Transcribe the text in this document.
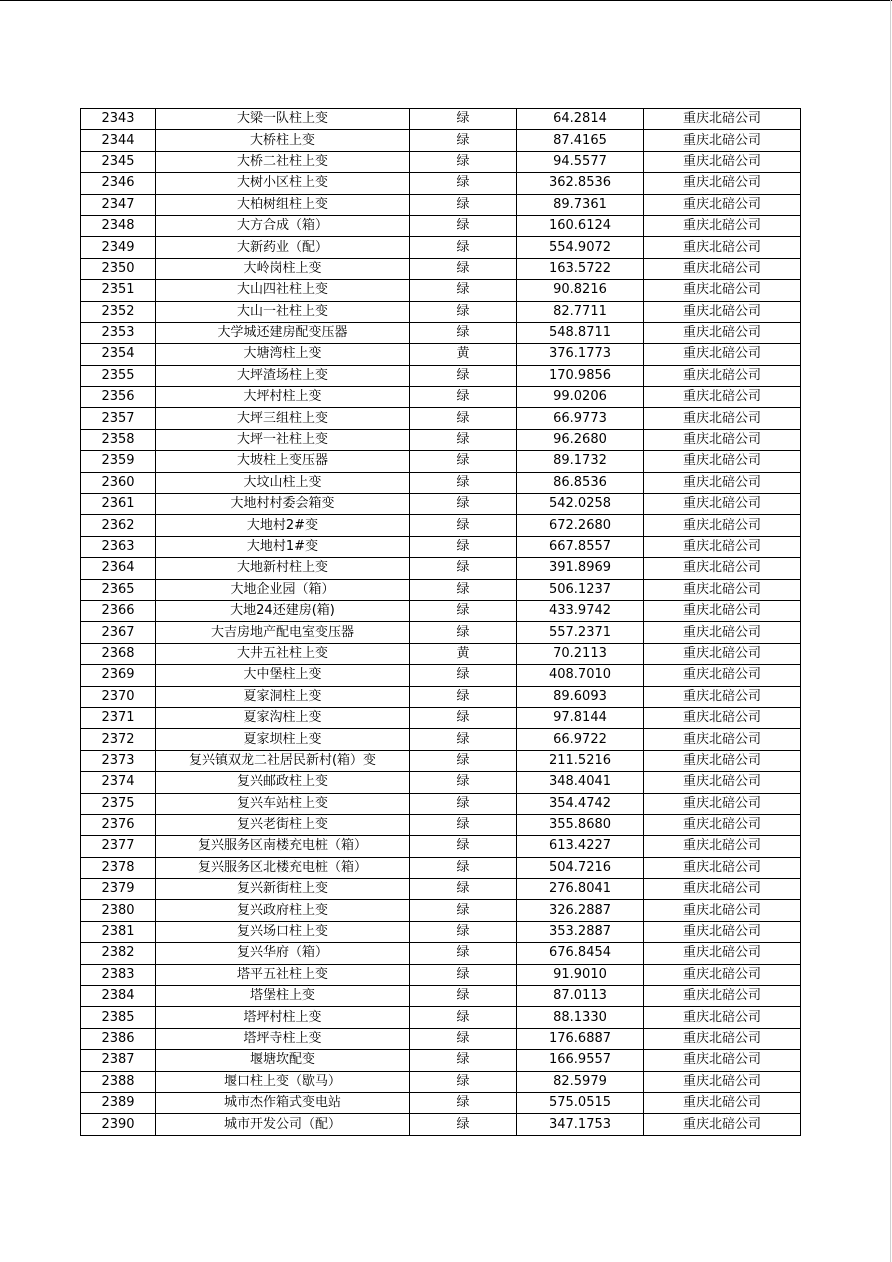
2343	大梁一队柱上变	绿	64.2814	重庆北碚公司
2344	大桥柱上变	绿	87.4165	重庆北碚公司
2345	大桥二社柱上变	绿	94.5577	重庆北碚公司
2346	大树小区柱上变	绿	362.8536	重庆北碚公司
2347	大柏树组柱上变	绿	89.7361	重庆北碚公司
2348	大方合成（箱）	绿	160.6124	重庆北碚公司
2349	大新药业（配）	绿	554.9072	重庆北碚公司
2350	大岭岗柱上变	绿	163.5722	重庆北碚公司
2351	大山四社柱上变	绿	90.8216	重庆北碚公司
2352	大山一社柱上变	绿	82.7711	重庆北碚公司
2353	大学城还建房配变压器	绿	548.8711	重庆北碚公司
2354	大塘湾柱上变	黄	376.1773	重庆北碚公司
2355	大坪渣场柱上变	绿	170.9856	重庆北碚公司
2356	大坪村柱上变	绿	99.0206	重庆北碚公司
2357	大坪三组柱上变	绿	66.9773	重庆北碚公司
2358	大坪一社柱上变	绿	96.2680	重庆北碚公司
2359	大坡柱上变压器	绿	89.1732	重庆北碚公司
2360	大坟山柱上变	绿	86.8536	重庆北碚公司
2361	大地村村委会箱变	绿	542.0258	重庆北碚公司
2362	大地村2#变	绿	672.2680	重庆北碚公司
2363	大地村1#变	绿	667.8557	重庆北碚公司
2364	大地新村柱上变	绿	391.8969	重庆北碚公司
2365	大地企业园（箱）	绿	506.1237	重庆北碚公司
2366	大地24还建房(箱)	绿	433.9742	重庆北碚公司
2367	大吉房地产配电室变压器	绿	557.2371	重庆北碚公司
2368	大井五社柱上变	黄	70.2113	重庆北碚公司
2369	大中堡柱上变	绿	408.7010	重庆北碚公司
2370	夏家洞柱上变	绿	89.6093	重庆北碚公司
2371	夏家沟柱上变	绿	97.8144	重庆北碚公司
2372	夏家坝柱上变	绿	66.9722	重庆北碚公司
2373	复兴镇双龙二社居民新村(箱）变	绿	211.5216	重庆北碚公司
2374	复兴邮政柱上变	绿	348.4041	重庆北碚公司
2375	复兴车站柱上变	绿	354.4742	重庆北碚公司
2376	复兴老街柱上变	绿	355.8680	重庆北碚公司
2377	复兴服务区南楼充电桩（箱）	绿	613.4227	重庆北碚公司
2378	复兴服务区北楼充电桩（箱）	绿	504.7216	重庆北碚公司
2379	复兴新街柱上变	绿	276.8041	重庆北碚公司
2380	复兴政府柱上变	绿	326.2887	重庆北碚公司
2381	复兴场口柱上变	绿	353.2887	重庆北碚公司
2382	复兴华府（箱）	绿	676.8454	重庆北碚公司
2383	塔平五社柱上变	绿	91.9010	重庆北碚公司
2384	塔堡柱上变	绿	87.0113	重庆北碚公司
2385	塔坪村柱上变	绿	88.1330	重庆北碚公司
2386	塔坪寺柱上变	绿	176.6887	重庆北碚公司
2387	堰塘坎配变	绿	166.9557	重庆北碚公司
2388	堰口柱上变（歇马）	绿	82.5979	重庆北碚公司
2389	城市杰作箱式变电站	绿	575.0515	重庆北碚公司
2390	城市开发公司（配）	绿	347.1753	重庆北碚公司
